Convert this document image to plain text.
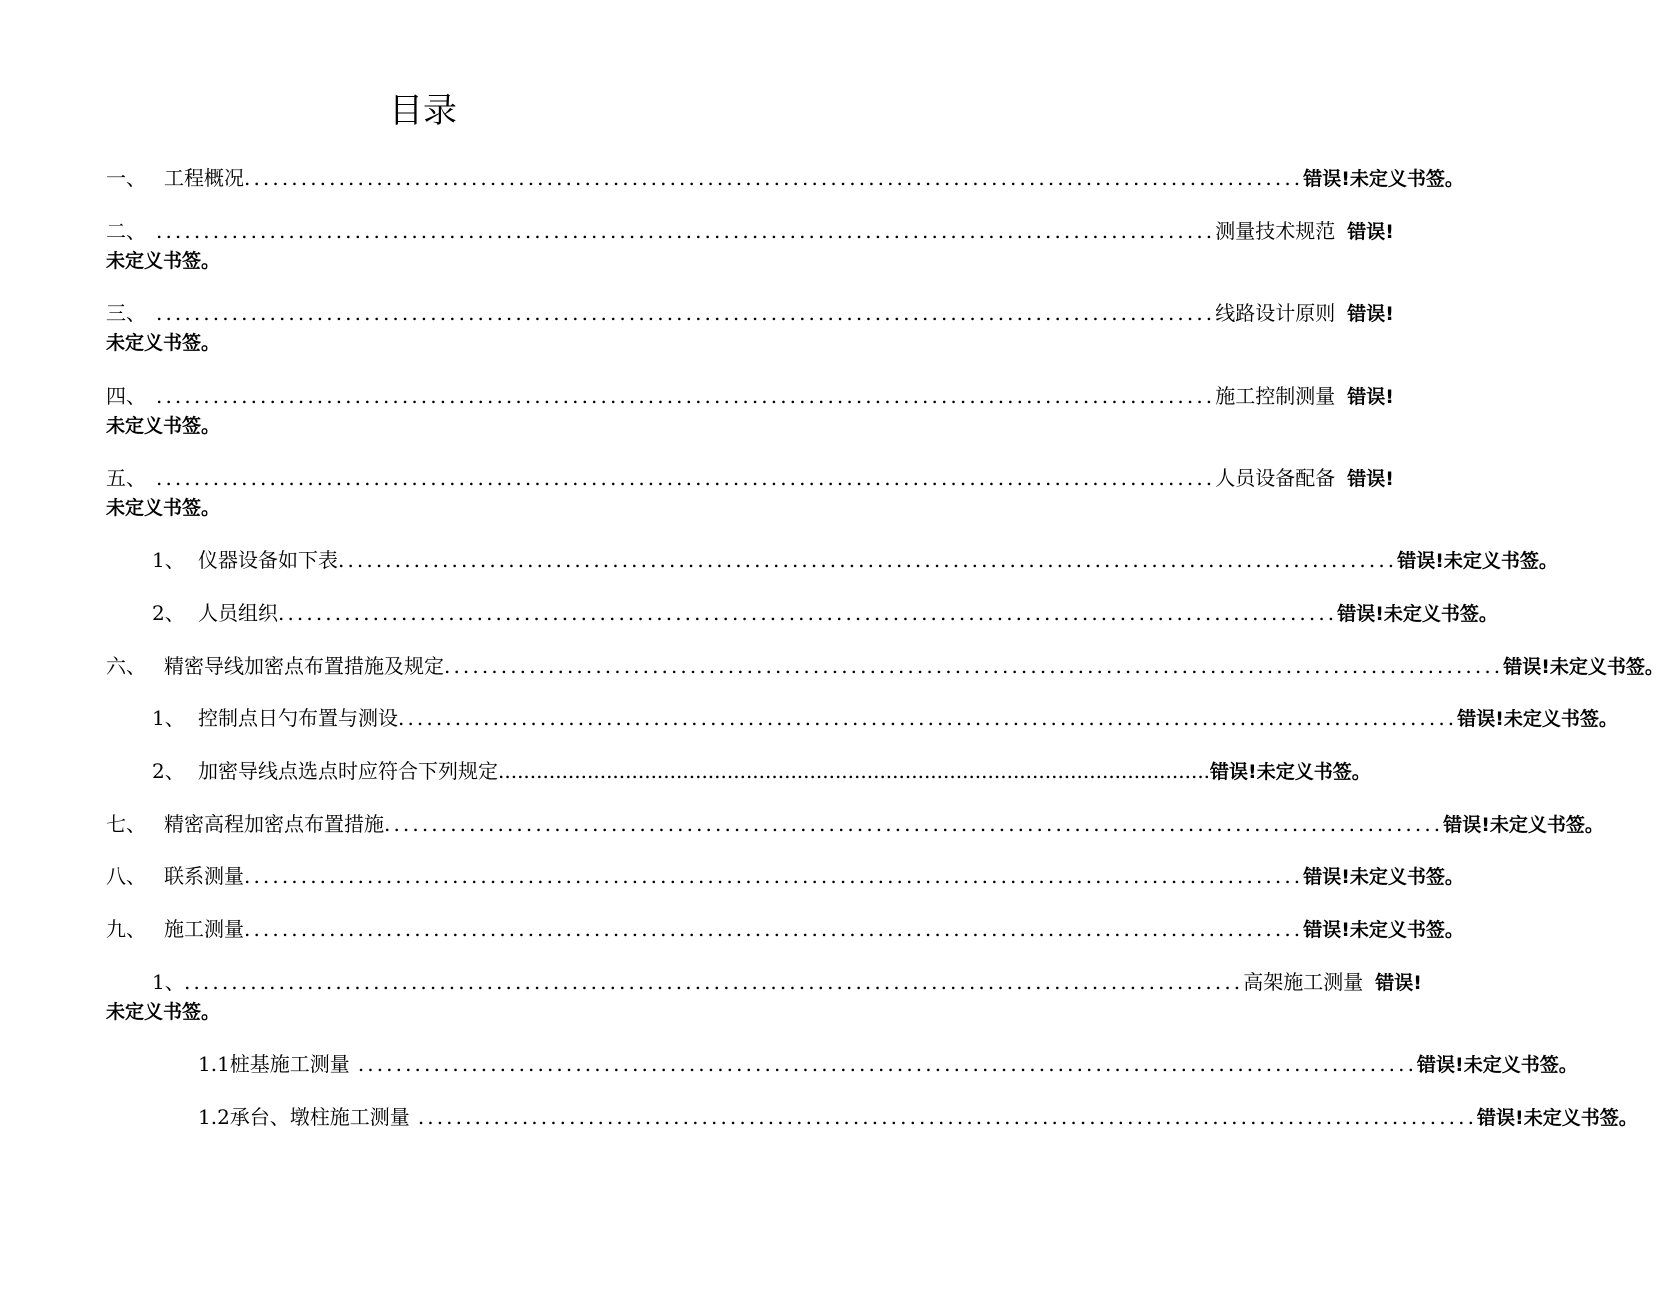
目录
一、 工程概况 ................................................................................................................ 错误!未定义书签。
二、 ................................................................................................................ 测量技术规范 错误!
未定义书签。
三、 ................................................................................................................ 线路设计原则 错误!
未定义书签。
四、 ................................................................................................................ 施工控制测量 错误!
未定义书签。
五、 ................................................................................................................ 人员设备配备 错误!
未定义书签。
1、 仪器设备如下表 ................................................................................................................ 错误!未定义书签。
2、 人员组织 ................................................................................................................ 错误!未定义书签。
六、 精密导线加密点布置措施及规定 ................................................................................................................ 错误!未定义书签。
1、 控制点日勺布置与测设 ................................................................................................................ 错误!未定义书签。
2、 加密导线点选点时应符合下列规定 ................................................................................................................ 错误!未定义书签。
七、 精密高程加密点布置措施 ................................................................................................................ 错误!未定义书签。
八、 联系测量 ................................................................................................................ 错误!未定义书签。
九、 施工测量 ................................................................................................................ 错误!未定义书签。
1、 ................................................................................................................ 高架施工测量 错误!
未定义书签。
1.1桩基施工测量 ................................................................................................................ 错误!未定义书签。
1.2承台、墩柱施工测量 ................................................................................................................ 错误!未定义书签。
